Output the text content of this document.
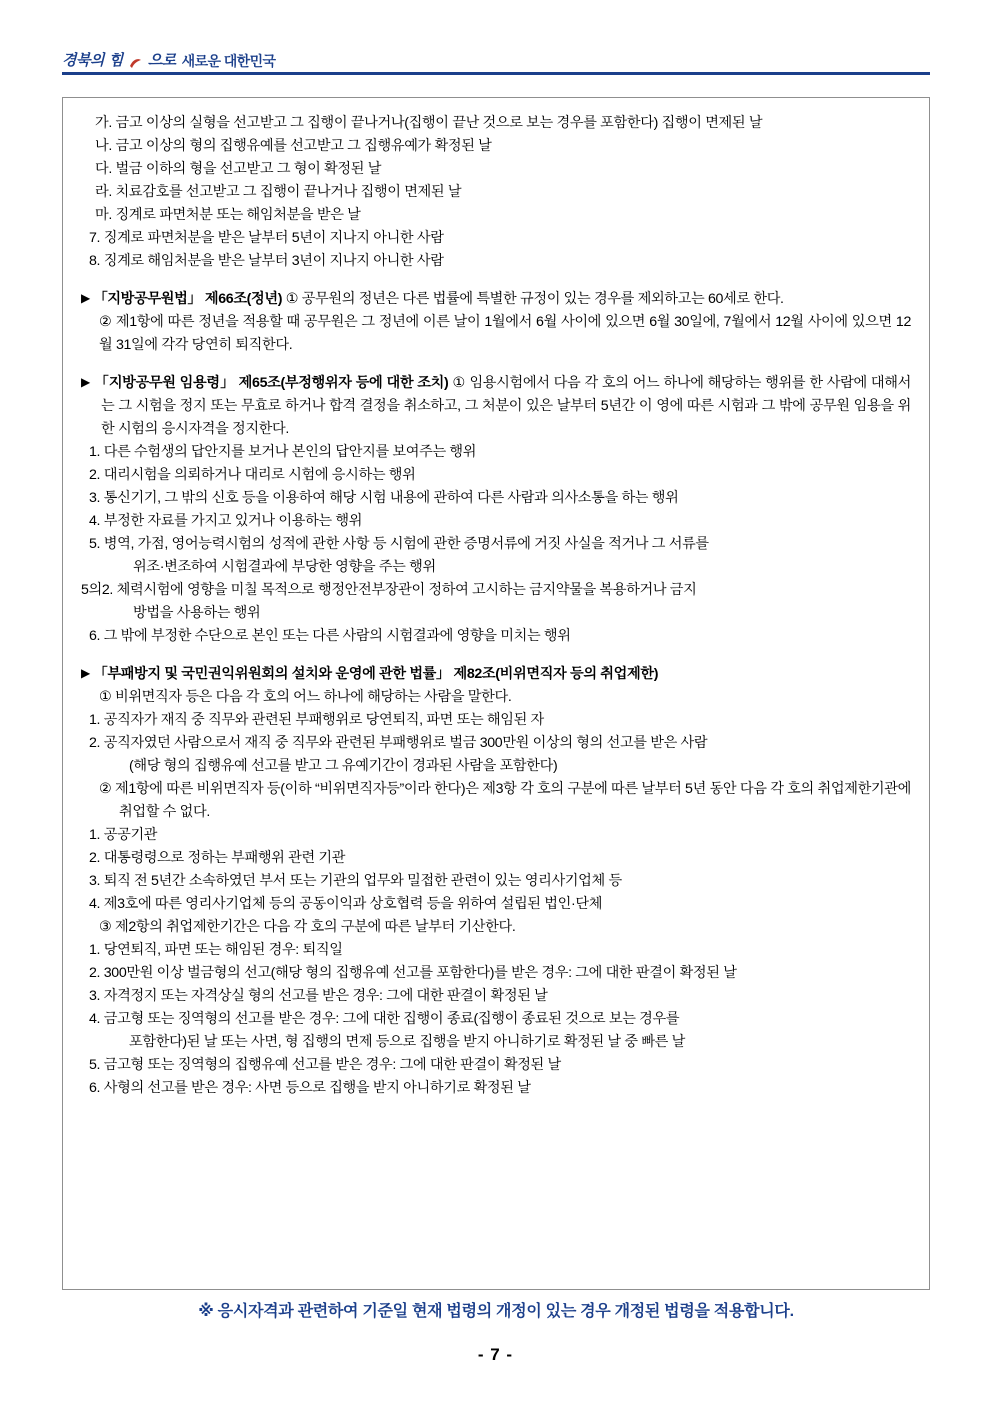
경북의 힘 으로 새로운 대한민국
가. 금고 이상의 실형을 선고받고 그 집행이 끝나거나(집행이 끝난 것으로 보는 경우를 포함한다) 집행이 면제된 날
나. 금고 이상의 형의 집행유예를 선고받고 그 집행유예가 확정된 날
다. 벌금 이하의 형을 선고받고 그 형이 확정된 날
라. 치료감호를 선고받고 그 집행이 끝나거나 집행이 면제된 날
마. 징계로 파면처분 또는 해임처분을 받은 날
7. 징계로 파면처분을 받은 날부터 5년이 지나지 아니한 사람
8. 징계로 해임처분을 받은 날부터 3년이 지나지 아니한 사람
▶ 「지방공무원법」 제66조(정년) ① 공무원의 정년은 다른 법률에 특별한 규정이 있는 경우를 제외하고는 60세로 한다.
② 제1항에 따른 정년을 적용할 때 공무원은 그 정년에 이른 날이 1월에서 6월 사이에 있으면 6월 30일에, 7월에서 12월 사이에 있으면 12월 31일에 각각 당연히 퇴직한다.
▶ 「지방공무원 임용령」 제65조(부정행위자 등에 대한 조치) ① 임용시험에서 다음 각 호의 어느 하나에 해당하는 행위를 한 사람에 대해서는 그 시험을 정지 또는 무효로 하거나 합격 결정을 취소하고, 그 처분이 있은 날부터 5년간 이 영에 따른 시험과 그 밖에 공무원 임용을 위한 시험의 응시자격을 정지한다.
1. 다른 수험생의 답안지를 보거나 본인의 답안지를 보여주는 행위
2. 대리시험을 의뢰하거나 대리로 시험에 응시하는 행위
3. 통신기기, 그 밖의 신호 등을 이용하여 해당 시험 내용에 관하여 다른 사람과 의사소통을 하는 행위
4. 부정한 자료를 가지고 있거나 이용하는 행위
5. 병역, 가점, 영어능력시험의 성적에 관한 사항 등 시험에 관한 증명서류에 거짓 사실을 적거나 그 서류를
위조·변조하여 시험결과에 부당한 영향을 주는 행위
5의2. 체력시험에 영향을 미칠 목적으로 행정안전부장관이 정하여 고시하는 금지약물을 복용하거나 금지
방법을 사용하는 행위
6. 그 밖에 부정한 수단으로 본인 또는 다른 사람의 시험결과에 영향을 미치는 행위
▶ 「부패방지 및 국민권익위원회의 설치와 운영에 관한 법률」 제82조(비위면직자 등의 취업제한)
① 비위면직자 등은 다음 각 호의 어느 하나에 해당하는 사람을 말한다.
1. 공직자가 재직 중 직무와 관련된 부패행위로 당연퇴직, 파면 또는 해임된 자
2. 공직자였던 사람으로서 재직 중 직무와 관련된 부패행위로 벌금 300만원 이상의 형의 선고를 받은 사람
(해당 형의 집행유예 선고를 받고 그 유예기간이 경과된 사람을 포함한다)
② 제1항에 따른 비위면직자 등(이하 “비위면직자등”이라 한다)은 제3항 각 호의 구분에 따른 날부터 5년 동안 다음 각 호의 취업제한기관에 취업할 수 없다.
1. 공공기관
2. 대통령령으로 정하는 부패행위 관련 기관
3. 퇴직 전 5년간 소속하였던 부서 또는 기관의 업무와 밀접한 관련이 있는 영리사기업체 등
4. 제3호에 따른 영리사기업체 등의 공동이익과 상호협력 등을 위하여 설립된 법인·단체
③ 제2항의 취업제한기간은 다음 각 호의 구분에 따른 날부터 기산한다.
1. 당연퇴직, 파면 또는 해임된 경우: 퇴직일
2. 300만원 이상 벌금형의 선고(해당 형의 집행유예 선고를 포함한다)를 받은 경우: 그에 대한 판결이 확정된 날
3. 자격정지 또는 자격상실 형의 선고를 받은 경우: 그에 대한 판결이 확정된 날
4. 금고형 또는 징역형의 선고를 받은 경우: 그에 대한 집행이 종료(집행이 종료된 것으로 보는 경우를
포함한다)된 날 또는 사면, 형 집행의 면제 등으로 집행을 받지 아니하기로 확정된 날 중 빠른 날
5. 금고형 또는 징역형의 집행유예 선고를 받은 경우: 그에 대한 판결이 확정된 날
6. 사형의 선고를 받은 경우: 사면 등으로 집행을 받지 아니하기로 확정된 날
※ 응시자격과 관련하여 기준일 현재 법령의 개정이 있는 경우 개정된 법령을 적용합니다.
- 7 -
